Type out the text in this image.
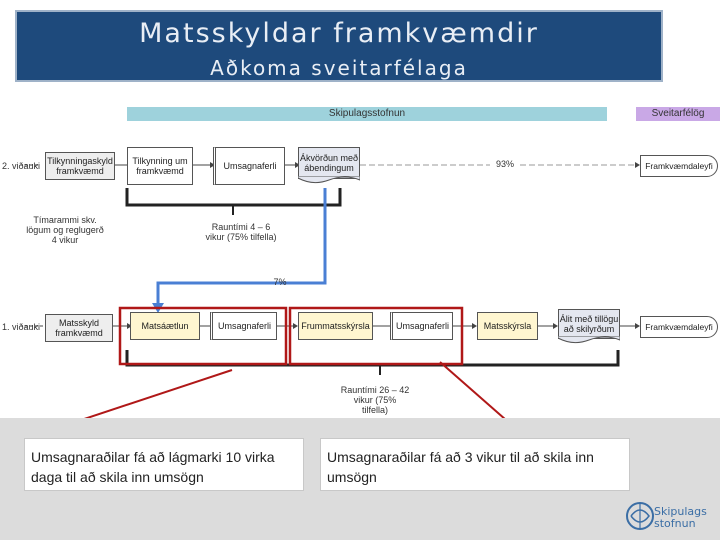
Matsskyldar framkvæmdir
Aðkoma sveitarfélaga
Skipulagsstofnun	Sveitarfélög
2. viðauki Tilkynningaskyld framkvæmd
Tilkynning um framkvæmd	Umsagnaferli
Ákvörðun með ábendingum	93%	Framkvæmdaleyfi
Tímarammi skv. lögum og reglugerð 4 vikur
Rauntími 4 – 6 vikur (75% tilfella)
7%
1. viðauki	Matsskyld framkvæmd
Matsáætlun	Umsagnaferli	Frummatsskýrsla	Umsagnaferli	Matsskýrsla
Álit með tillögu að skilyrðum	Framkvæmdaleyfi
Rauntími 26 – 42 vikur (75% tilfella)
Umsagnaraðilar fá að lágmarki 10 virka daga til að skila inn umsögn
Umsagnaraðilar fá að 3 vikur til að skila inn umsögn
Skipulags
stofnun
